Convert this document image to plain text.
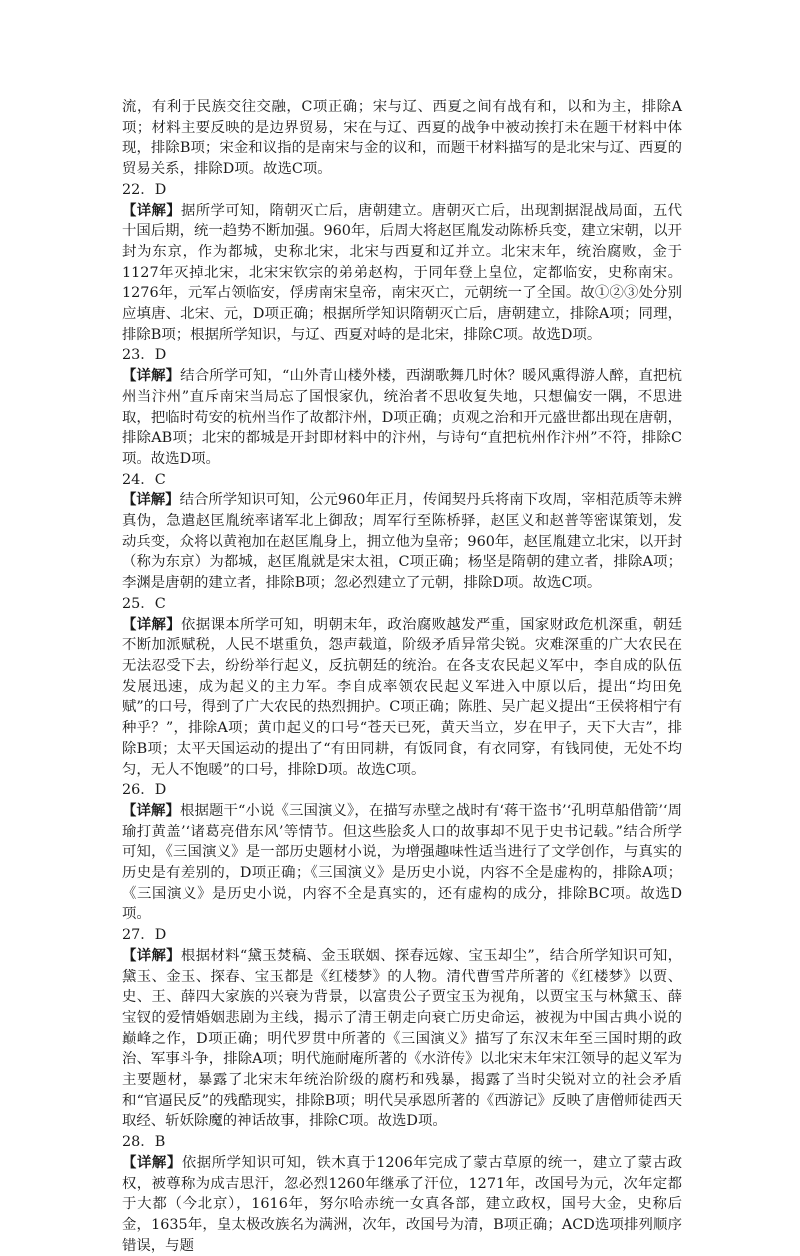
流，有利于民族交往交融，C项正确；宋与辽、西夏之间有战有和，以和为主，排除A项；材料主要反映的是边界贸易，宋在与辽、西夏的战争中被动挨打未在题干材料中体现，排除B项；宋金和议指的是南宋与金的议和，而题干材料描写的是北宋与辽、西夏的贸易关系，排除D项。故选C项。
22．D
【详解】据所学可知，隋朝灭亡后，唐朝建立。唐朝灭亡后，出现割据混战局面，五代十国后期，统一趋势不断加强。960年，后周大将赵匡胤发动陈桥兵变，建立宋朝，以开封为东京，作为都城，史称北宋，北宋与西夏和辽并立。北宋末年，统治腐败，金于1127年灭掉北宋，北宋宋钦宗的弟弟赵构，于同年登上皇位，定都临安，史称南宋。1276年，元军占领临安，俘虏南宋皇帝，南宋灭亡，元朝统一了全国。故①②③处分别应填唐、北宋、元，D项正确；根据所学知识隋朝灭亡后，唐朝建立，排除A项；同理，排除B项；根据所学知识，与辽、西夏对峙的是北宋，排除C项。故选D项。
23．D
【详解】结合所学可知，“山外青山楼外楼，西湖歌舞几时休？暖风熏得游人醉，直把杭州当汴州”直斥南宋当局忘了国恨家仇，统治者不思收复失地，只想偏安一隅，不思进取，把临时苟安的杭州当作了故都汴州，D项正确；贞观之治和开元盛世都出现在唐朝，排除AB项；北宋的都城是开封即材料中的汴州，与诗句“直把杭州作汴州”不符，排除C项。故选D项。
24．C
【详解】结合所学知识可知，公元960年正月，传闻契丹兵将南下攻周，宰相范质等未辨真伪，急遣赵匡胤统率诸军北上御敌；周军行至陈桥驿，赵匡义和赵普等密谋策划，发动兵变，众将以黄袍加在赵匡胤身上，拥立他为皇帝；960年，赵匡胤建立北宋，以开封（称为东京）为都城，赵匡胤就是宋太祖，C项正确；杨坚是隋朝的建立者，排除A项；李渊是唐朝的建立者，排除B项；忽必烈建立了元朝，排除D项。故选C项。
25．C
【详解】依据课本所学可知，明朝末年，政治腐败越发严重，国家财政危机深重，朝廷不断加派赋税，人民不堪重负，怨声载道，阶级矛盾异常尖锐。灾难深重的广大农民在无法忍受下去，纷纷举行起义，反抗朝廷的统治。在各支农民起义军中，李自成的队伍发展迅速，成为起义的主力军。李自成率领农民起义军进入中原以后，提出“均田免赋”的口号，得到了广大农民的热烈拥护。C项正确；陈胜、吴广起义提出“王侯将相宁有种乎？”，排除A项；黄巾起义的口号“苍天已死，黄天当立，岁在甲子，天下大吉”，排除B项；太平天国运动的提出了“有田同耕，有饭同食，有衣同穿，有钱同使，无处不均匀，无人不饱暖”的口号，排除D项。故选C项。
26．D
【详解】根据题干“小说《三国演义》，在描写赤壁之战时有‘蒋干盗书’‘孔明草船借箭’‘周瑜打黄盖’‘诸葛亮借东风’等情节。但这些脍炙人口的故事却不见于史书记载。”结合所学可知，《三国演义》是一部历史题材小说，为增强趣味性适当进行了文学创作，与真实的历史是有差别的，D项正确；《三国演义》是历史小说，内容不全是虚构的，排除A项；《三国演义》是历史小说，内容不全是真实的，还有虚构的成分，排除BC项。故选D项。
27．D
【详解】根据材料“黛玉焚稿、金玉联姻、探春远嫁、宝玉却尘”，结合所学知识可知，黛玉、金玉、探春、宝玉都是《红楼梦》的人物。清代曹雪芹所著的《红楼梦》以贾、史、王、薛四大家族的兴衰为背景，以富贵公子贾宝玉为视角，以贾宝玉与林黛玉、薛宝钗的爱情婚姻悲剧为主线，揭示了清王朝走向衰亡历史命运，被视为中国古典小说的巅峰之作，D项正确；明代罗贯中所著的《三国演义》描写了东汉末年至三国时期的政治、军事斗争，排除A项；明代施耐庵所著的《水浒传》以北宋末年宋江领导的起义军为主要题材，暴露了北宋末年统治阶级的腐朽和残暴，揭露了当时尖锐对立的社会矛盾和“官逼民反”的残酷现实，排除B项；明代吴承恩所著的《西游记》反映了唐僧师徒西天取经、斩妖除魔的神话故事，排除C项。故选D项。
28．B
【详解】依据所学知识可知，铁木真于1206年完成了蒙古草原的统一，建立了蒙古政权，被尊称为成吉思汗，忽必烈1260年继承了汗位，1271年，改国号为元，次年定都于大都（今北京），1616年，努尔哈赤统一女真各部，建立政权，国号大金，史称后金，1635年，皇太极改族名为满洲，次年，改国号为清，B项正确；ACD选项排列顺序错误，与题
